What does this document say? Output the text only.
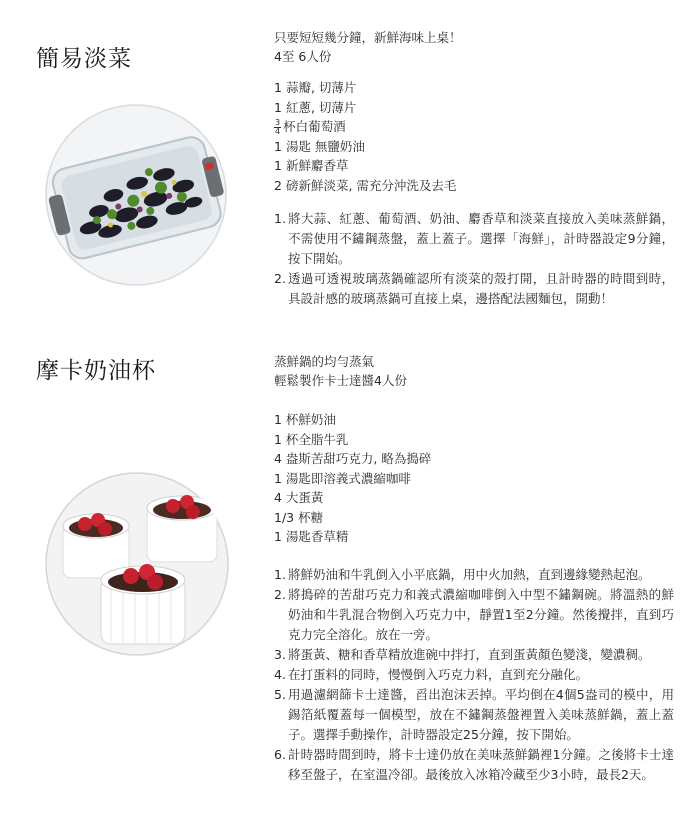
簡易淡菜
只要短短幾分鐘，新鮮海味上桌！
4至 6人份
1 蒜瓣, 切薄片
1 紅蔥, 切薄片
$\frac{3}{4}$ 杯白葡萄酒
1 湯匙 無鹽奶油
1 新鮮麝香草
2 磅新鮮淡菜, 需充分沖洗及去毛
1. 將大蒜、紅蔥、葡萄酒、奶油、麝香草和淡菜直接放入美味蒸鮮鍋，不需使用不鏽鋼蒸盤，蓋上蓋子。選擇「海鮮」，計時器設定9分鐘，按下開始。
2. 透過可透視玻璃蒸鍋確認所有淡菜的殼打開，且計時器的時間到時，具設計感的玻璃蒸鍋可直接上桌，邊搭配法國麵包，開動！
摩卡奶油杯	蒸鮮鍋的均勻蒸氣
輕鬆製作卡士達醬4人份
1 杯鮮奶油
1 杯全脂牛乳
4 盎斯苦甜巧克力, 略為搗碎
1 湯匙即溶義式濃縮咖啡
4 大蛋黃
1/3 杯糖
1 湯匙香草精
1. 將鮮奶油和牛乳倒入小平底鍋，用中火加熱，直到邊緣變熱起泡。
2. 將搗碎的苦甜巧克力和義式濃縮咖啡倒入中型不鏽鋼碗。將溫熱的鮮奶油和牛乳混合物倒入巧克力中，靜置1至2分鐘。然後攪拌，直到巧克力完全溶化。放在一旁。
3. 將蛋黃、糖和香草精放進碗中拌打，直到蛋黃顏色變淺，變濃稠。
4. 在打蛋料的同時，慢慢倒入巧克力料，直到充分融化。
5. 用過濾網篩卡士達醬，舀出泡沫丟掉。平均倒在4個5盎司的模中，用錫箔紙覆蓋每一個模型，放在不鏽鋼蒸盤裡置入美味蒸鮮鍋，蓋上蓋子。選擇手動操作，計時器設定25分鐘，按下開始。
6. 計時器時間到時，將卡士達仍放在美味蒸鮮鍋裡1分鐘。之後將卡士達移至盤子，在室溫冷卻。最後放入冰箱冷藏至少3小時，最長2天。
